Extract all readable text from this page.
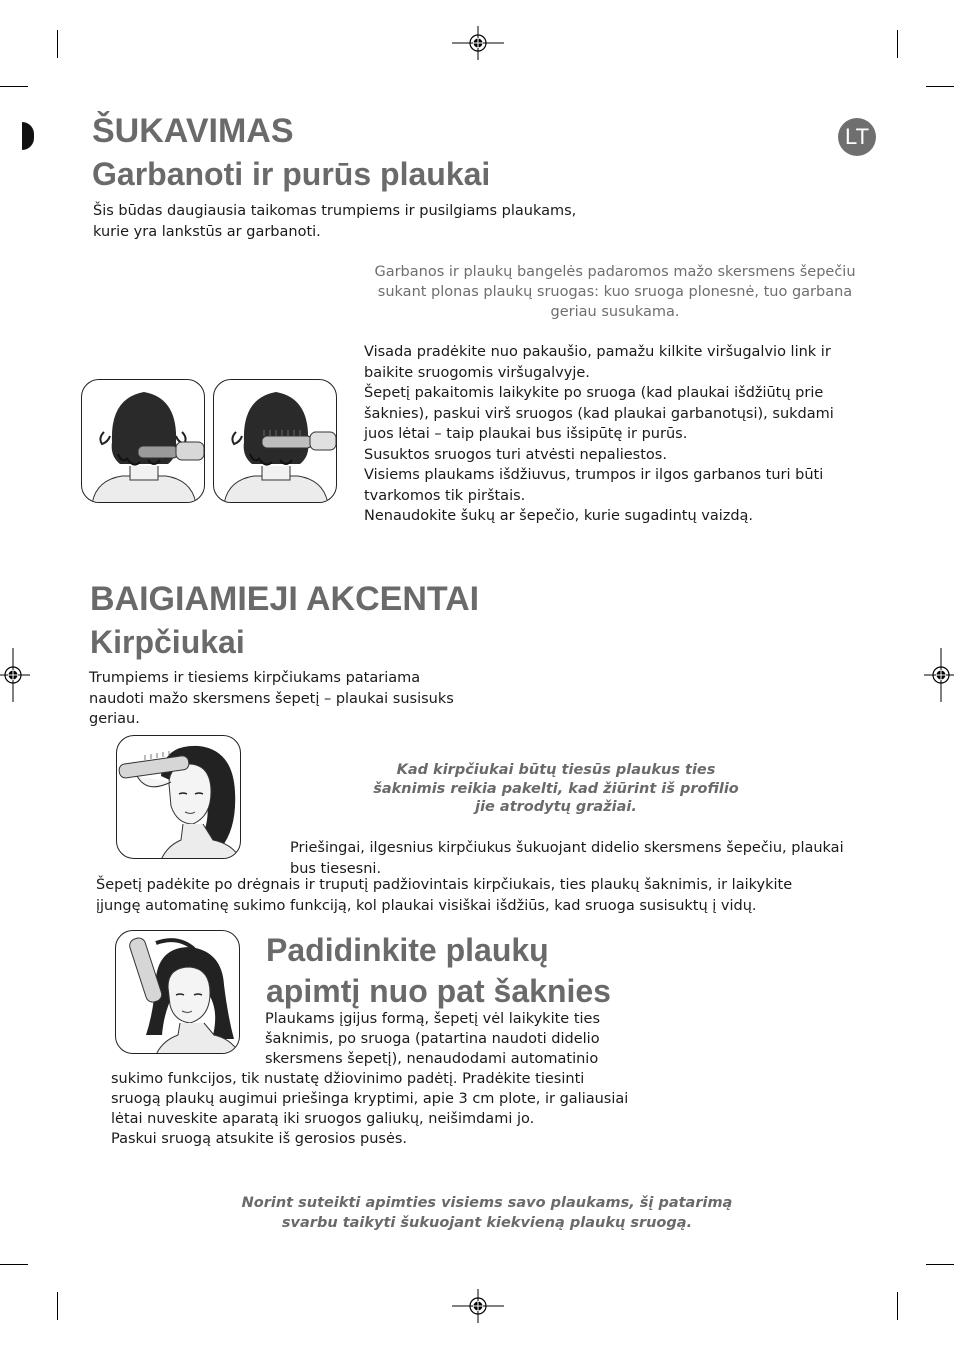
LT
ŠUKAVIMAS
Garbanoti ir purūs plaukai

Šis būdas daugiausia taikomas trumpiems ir pusilgiams plaukams,
kurie yra lankstūs ar garbanoti.

Garbanos ir plaukų bangelės padaromos mažo skersmens šepečiu
sukant plonas plaukų sruogas: kuo sruoga plonesnė, tuo garbana
geriau susukama.

Visada pradėkite nuo pakaušio, pamažu kilkite viršugalvio link ir
baikite sruogomis viršugalvyje.
Šepetį pakaitomis laikykite po sruoga (kad plaukai išdžiūtų prie
šaknies), paskui virš sruogos (kad plaukai garbanotųsi), sukdami
juos lėtai – taip plaukai bus išsipūtę ir purūs.
Susuktos sruogos turi atvėsti nepaliestos.
Visiems plaukams išdžiuvus, trumpos ir ilgos garbanos turi būti
tvarkomos tik pirštais.
Nenaudokite šukų ar šepečio, kurie sugadintų vaizdą.

BAIGIAMIEJI AKCENTAI
Kirpčiukai

Trumpiems ir tiesiems kirpčiukams patariama
naudoti mažo skersmens šepetį – plaukai susisuks
geriau.

Kad kirpčiukai būtų tiesūs plaukus ties
šaknimis reikia pakelti, kad žiūrint iš profilio
jie atrodytų gražiai.

Priešingai, ilgesnius kirpčiukus šukuojant didelio skersmens šepečiu, plaukai
bus tiesesni.

Šepetį padėkite po drėgnais ir truputį padžiovintais kirpčiukais, ties plaukų šaknimis, ir laikykite
įjungę automatinę sukimo funkciją, kol plaukai visiškai išdžiūs, kad sruoga susisuktų į vidų.

Padidinkite plaukų
apimtį nuo pat šaknies

Plaukams įgijus formą, šepetį vėl laikykite ties
šaknimis, po sruoga (patartina naudoti didelio
skersmens šepetį), nenaudodami automatinio

sukimo funkcijos, tik nustatę džiovinimo padėtį. Pradėkite tiesinti
sruogą plaukų augimui priešinga kryptimi, apie 3 cm plote, ir galiausiai
lėtai nuveskite aparatą iki sruogos galiukų, neišimdami jo.
Paskui sruogą atsukite iš gerosios pusės.

Norint suteikti apimties visiems savo plaukams, šį patarimą
svarbu taikyti šukuojant kiekvieną plaukų sruogą.
